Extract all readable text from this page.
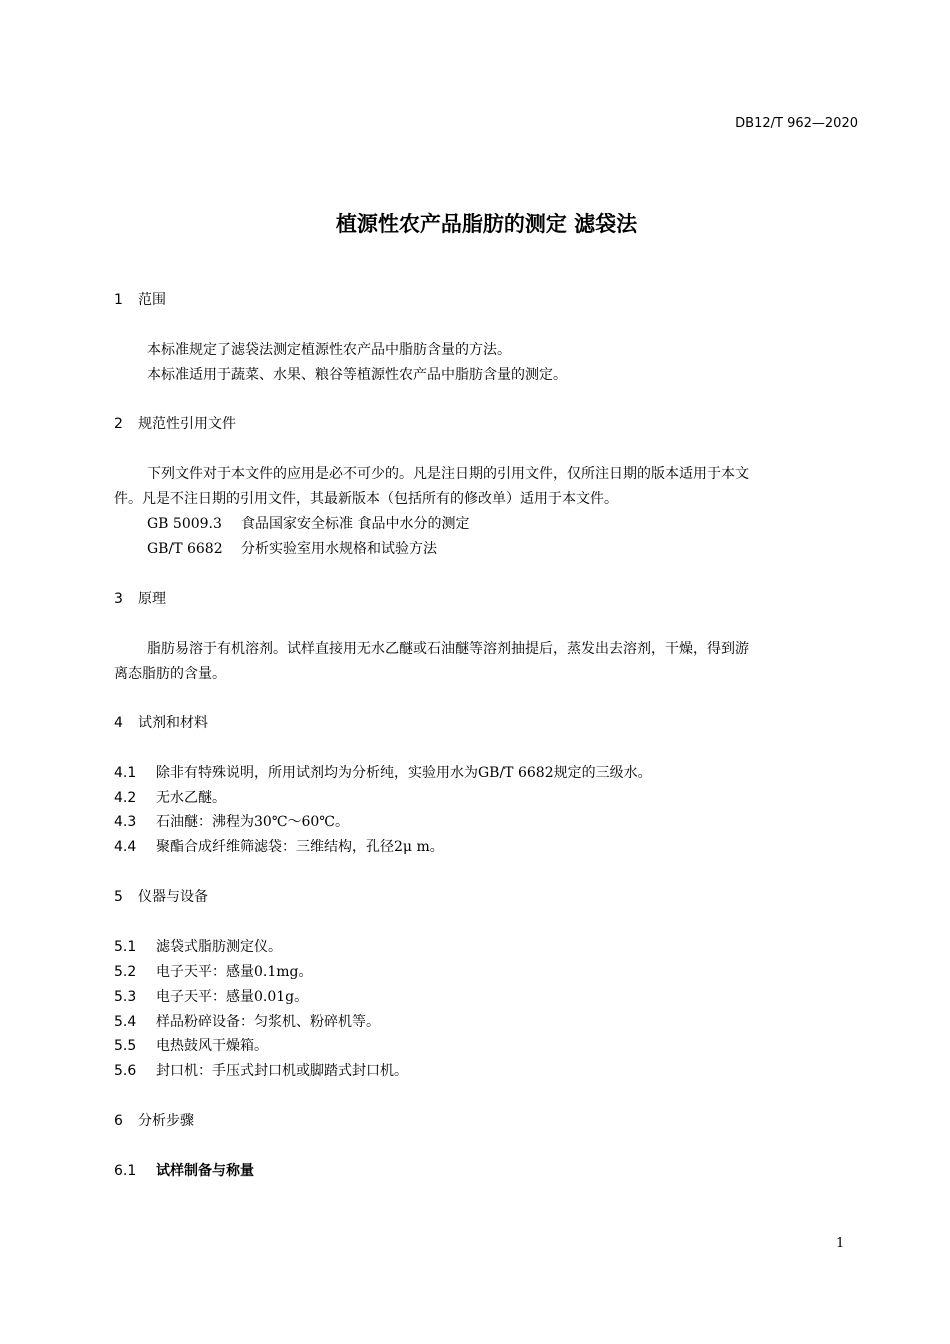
DB12/T 962—2020
植源性农产品脂肪的测定 滤袋法
1 范围
本标准规定了滤袋法测定植源性农产品中脂肪含量的方法。
本标准适用于蔬菜、水果、粮谷等植源性农产品中脂肪含量的测定。
2 规范性引用文件
下列文件对于本文件的应用是必不可少的。凡是注日期的引用文件，仅所注日期的版本适用于本文
件。凡是不注日期的引用文件，其最新版本（包括所有的修改单）适用于本文件。
GB 5009.3 食品国家安全标准 食品中水分的测定
GB/T 6682 分析实验室用水规格和试验方法
3 原理
脂肪易溶于有机溶剂。试样直接用无水乙醚或石油醚等溶剂抽提后，蒸发出去溶剂，干燥，得到游
离态脂肪的含量。
4 试剂和材料
4.1 除非有特殊说明，所用试剂均为分析纯，实验用水为GB/T 6682规定的三级水。
4.2 无水乙醚。
4.3 石油醚：沸程为30℃～60℃。
4.4 聚酯合成纤维筛滤袋：三维结构，孔径2μ m。
5 仪器与设备
5.1 滤袋式脂肪测定仪。
5.2 电子天平：感量0.1mg。
5.3 电子天平：感量0.01g。
5.4 样品粉碎设备：匀浆机、粉碎机等。
5.5 电热鼓风干燥箱。
5.6 封口机：手压式封口机或脚踏式封口机。
6 分析步骤
6.1 试样制备与称量
1
